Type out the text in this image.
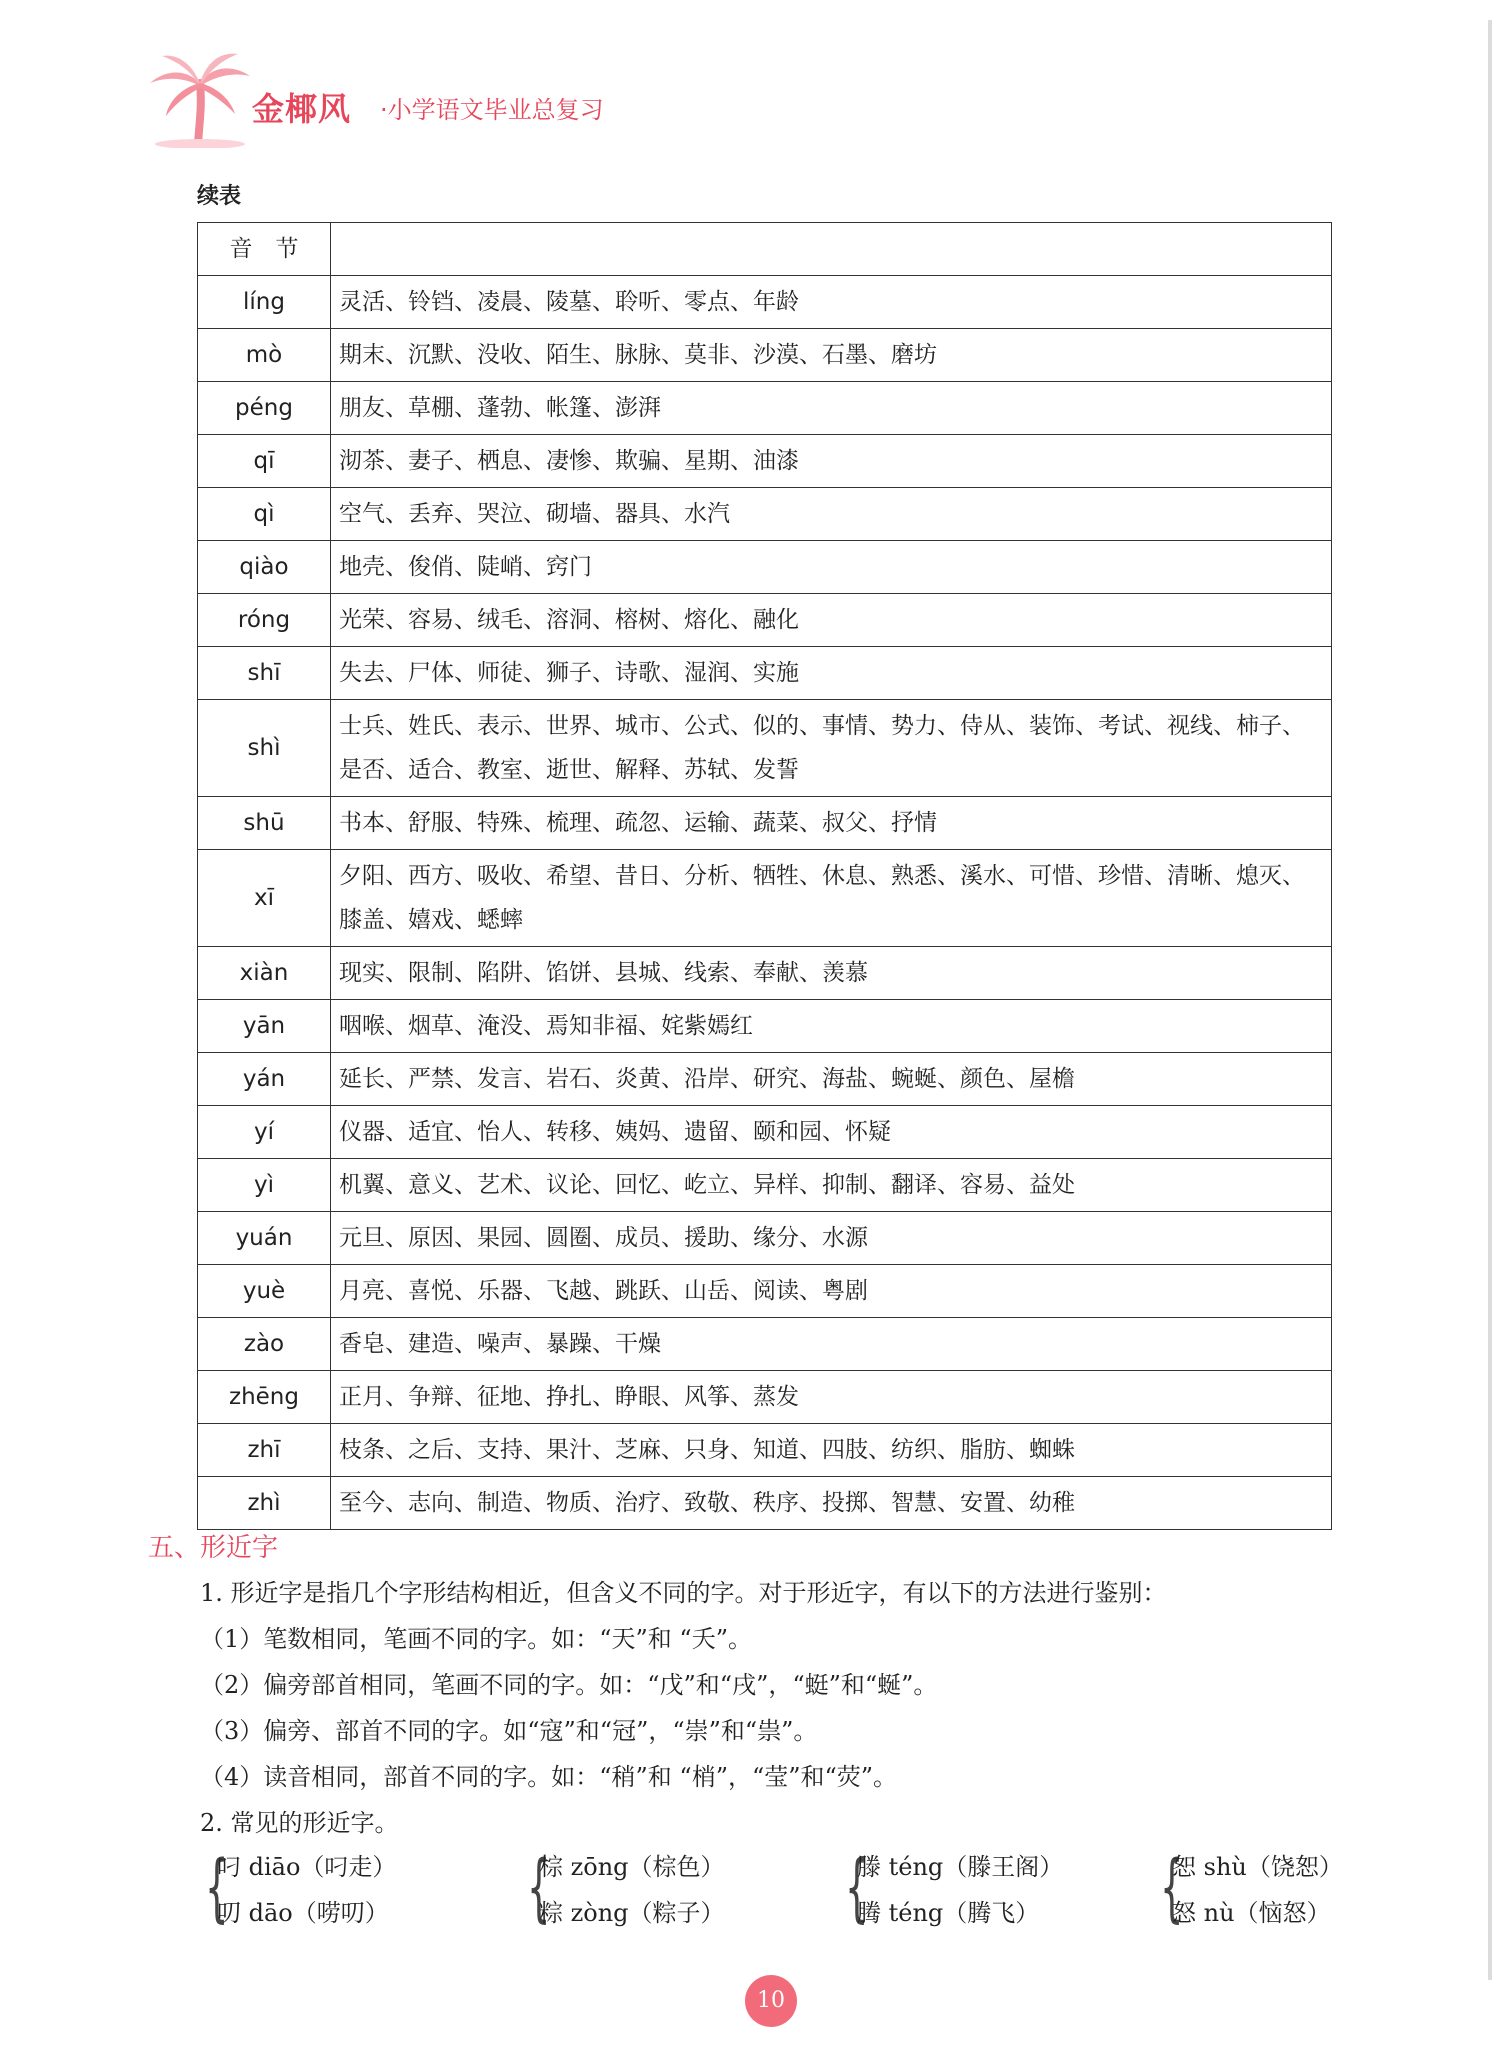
金椰风 ·小学语文毕业总复习
续表
音　节	
líng	灵活、铃铛、凌晨、陵墓、聆听、零点、年龄
mò	期末、沉默、没收、陌生、脉脉、莫非、沙漠、石墨、磨坊
péng	朋友、草棚、蓬勃、帐篷、澎湃
qī	沏茶、妻子、栖息、凄惨、欺骗、星期、油漆
qì	空气、丢弃、哭泣、砌墙、器具、水汽
qiào	地壳、俊俏、陡峭、窍门
róng	光荣、容易、绒毛、溶洞、榕树、熔化、融化
shī	失去、尸体、师徒、狮子、诗歌、湿润、实施
shì	士兵、姓氏、表示、世界、城市、公式、似的、事情、势力、侍从、装饰、考试、视线、柿子、是否、适合、教室、逝世、解释、苏轼、发誓
shū	书本、舒服、特殊、梳理、疏忽、运输、蔬菜、叔父、抒情
xī	夕阳、西方、吸收、希望、昔日、分析、牺牲、休息、熟悉、溪水、可惜、珍惜、清晰、熄灭、膝盖、嬉戏、蟋蟀
xiàn	现实、限制、陷阱、馅饼、县城、线索、奉献、羡慕
yān	咽喉、烟草、淹没、焉知非福、姹紫嫣红
yán	延长、严禁、发言、岩石、炎黄、沿岸、研究、海盐、蜿蜒、颜色、屋檐
yí	仪器、适宜、怡人、转移、姨妈、遗留、颐和园、怀疑
yì	机翼、意义、艺术、议论、回忆、屹立、异样、抑制、翻译、容易、益处
yuán	元旦、原因、果园、圆圈、成员、援助、缘分、水源
yuè	月亮、喜悦、乐器、飞越、跳跃、山岳、阅读、粤剧
zào	香皂、建造、噪声、暴躁、干燥
zhēng	正月、争辩、征地、挣扎、睁眼、风筝、蒸发
zhī	枝条、之后、支持、果汁、芝麻、只身、知道、四肢、纺织、脂肪、蜘蛛
zhì	至今、志向、制造、物质、治疗、致敬、秩序、投掷、智慧、安置、幼稚
五、形近字
1. 形近字是指几个字形结构相近，但含义不同的字。对于形近字，有以下的方法进行鉴别：
（1）笔数相同，笔画不同的字。如：“天”和 “夭”。
（2）偏旁部首相同，笔画不同的字。如：“戊”和“戌”，“蜓”和“蜒”。
（3）偏旁、部首不同的字。如“寇”和“冠”，“崇”和“祟”。
（4）读音相同，部首不同的字。如：“稍”和 “梢”，“莹”和“荧”。
2. 常见的形近字。
{
叼 diāo（叼走）
叨 dāo（唠叨） {
棕 zōng（棕色）
粽 zòng（粽子） {
滕 téng（滕王阁）
腾 téng（腾飞） {
恕 shù（饶恕）
怒 nù（恼怒）
10
